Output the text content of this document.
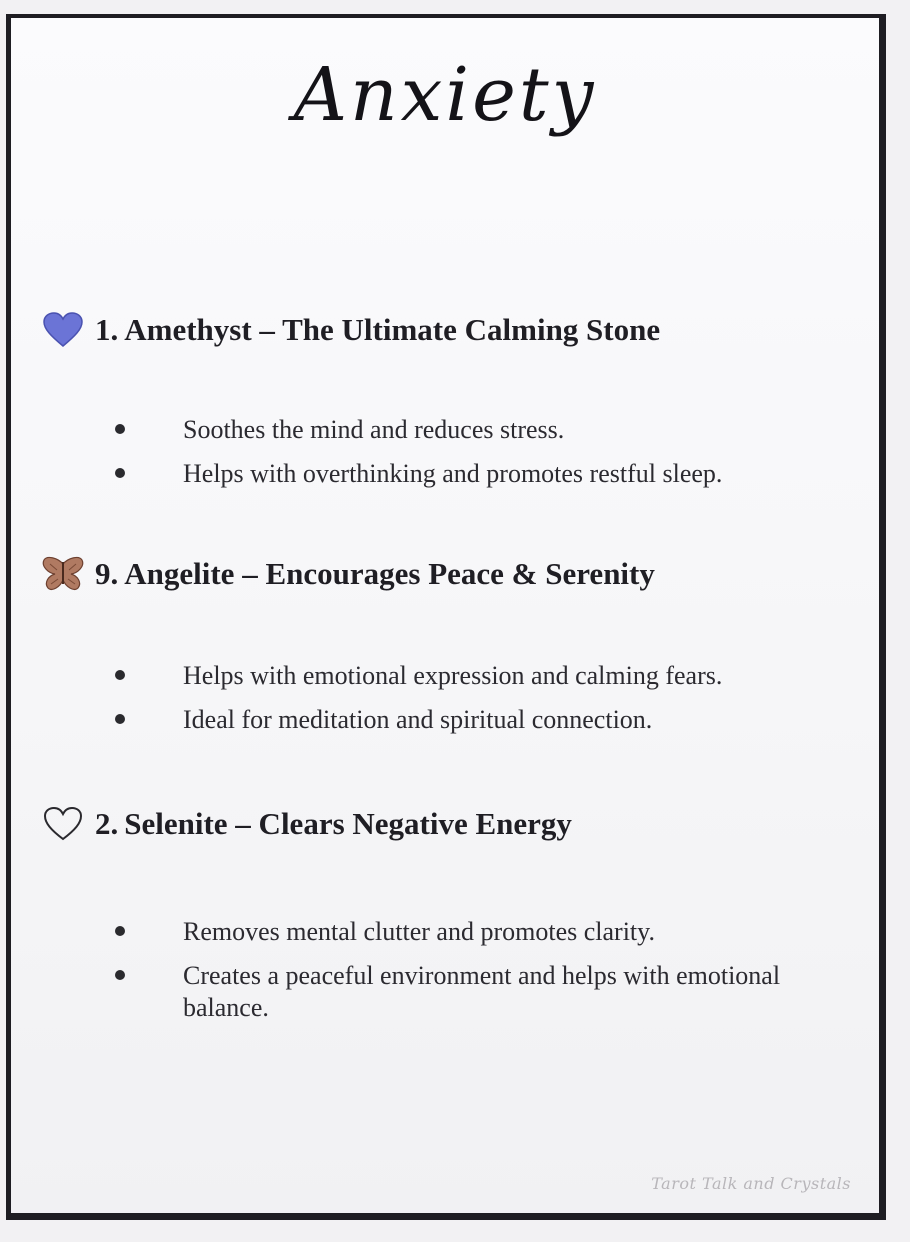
Anxiety
1. Amethyst – The Ultimate Calming Stone
Soothes the mind and reduces stress.
Helps with overthinking and promotes restful sleep.
9. Angelite – Encourages Peace & Serenity
Helps with emotional expression and calming fears.
Ideal for meditation and spiritual connection.
2. Selenite – Clears Negative Energy
Removes mental clutter and promotes clarity.
Creates a peaceful environment and helps with emotional balance.
Tarot Talk and Crystals
